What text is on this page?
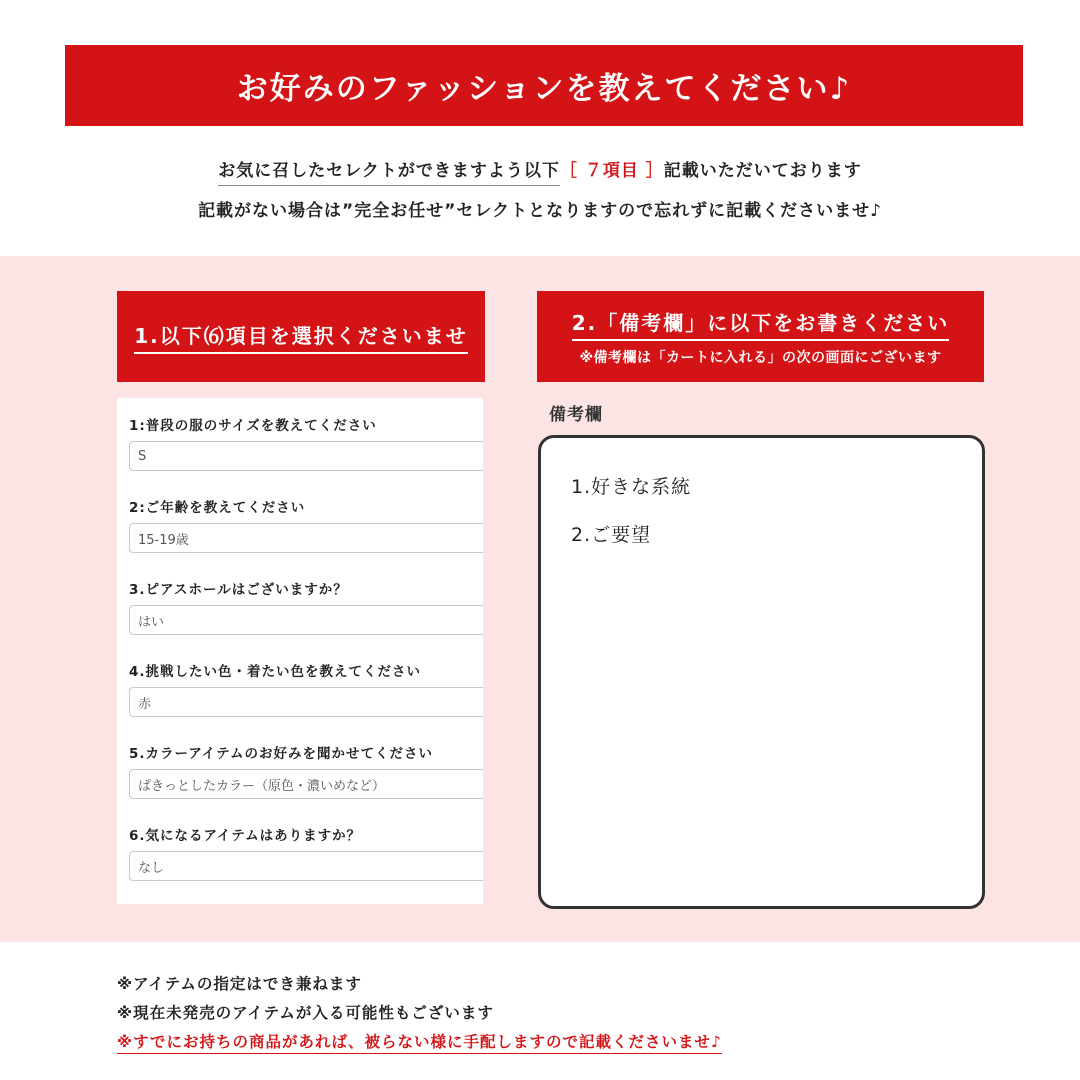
お好みのファッションを教えてください♪
お気に召したセレクトができますよう以下［ ７項目 ］記載いただいております
記載がない場合は”完全お任せ”セレクトとなりますので忘れずに記載くださいませ♪
1.以下⑹項目を選択くださいませ
2.「備考欄」に以下をお書きください
※備考欄は「カートに入れる」の次の画面にございます
1:普段の服のサイズを教えてください
S
2:ご年齢を教えてください
15-19歳
3.ピアスホールはございますか？
はい
4.挑戦したい色・着たい色を教えてください
赤
5.カラーアイテムのお好みを聞かせてください
ぱきっとしたカラー（原色・濃いめなど）
6.気になるアイテムはありますか？
なし
備考欄
1.好きな系統
2.ご要望
※アイテムの指定はでき兼ねます
※現在未発売のアイテムが入る可能性もございます
※すでにお持ちの商品があれば、被らない様に手配しますので記載くださいませ♪
